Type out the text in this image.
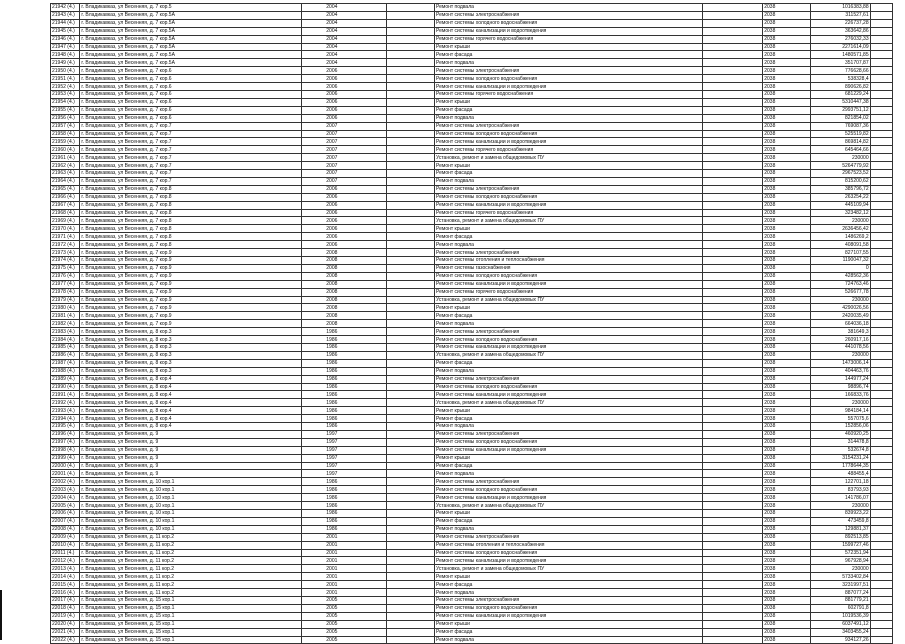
21942 (4.)	г. Владикавказ, ул Весенняя, д. 7 кор.5	2004		Ремонт подвала		2038	1016383,88	
21943 (4.)	г. Владикавказ, ул Весенняя, д. 7 кор.5А	2004		Ремонт системы электроснабжения		2038	311527,61	
21944 (4.)	г. Владикавказ, ул Весенняя, д. 7 кор.5А	2004		Ремонт системы холодного водоснабжения		2038	226737,28	
21945 (4.)	г. Владикавказ, ул Весенняя, д. 7 кор.5А	2004		Ремонт системы канализации и водоотведения		2038	363642,86	
21946 (4.)	г. Владикавказ, ул Весенняя, д. 7 кор.5А	2004		Ремонт системы горячего водоснабжения		2038	276032,33	
21947 (4.)	г. Владикавказ, ул Весенняя, д. 7 кор.5А	2004		Ремонт крыши		2038	2271614,09	
21948 (4.)	г. Владикавказ, ул Весенняя, д. 7 кор.5А	2004		Ремонт фасада		2038	1480571,85	
21949 (4.)	г. Владикавказ, ул Весенняя, д. 7 кор.5А	2004		Ремонт подвала		2038	351707,87	
21950 (4.)	г. Владикавказ, ул Весенняя, д. 7 кор.6	2006		Ремонт системы электроснабжения		2038	776628,66	
21951 (4.)	г. Владикавказ, ул Весенняя, д. 7 кор.6	2006		Ремонт системы холодного водоснабжения		2038	538328,4	
21952 (4.)	г. Владикавказ, ул Весенняя, д. 7 кор.6	2006		Ремонт системы канализации и водоотведения		2038	890626,82	
21953 (4.)	г. Владикавказ, ул Весенняя, д. 7 кор.6	2006		Ремонт системы горячего водоснабжения		2038	681229,24	
21954 (4.)	г. Владикавказ, ул Весенняя, д. 7 кор.6	2006		Ремонт крыши		2038	5310447,38	
21955 (4.)	г. Владикавказ, ул Весенняя, д. 7 кор.6	2006		Ремонт фасада		2038	2993751,12	
21956 (4.)	г. Владикавказ, ул Весенняя, д. 7 кор.6	2006		Ремонт подвала		2038	821854,02	
21957 (4.)	г. Владикавказ, ул Весенняя, д. 7 кор.7	2007		Ремонт системы электроснабжения		2038	769087,36	
21958 (4.)	г. Владикавказ, ул Весенняя, д. 7 кор.7	2007		Ремонт системы холодного водоснабжения		2038	525519,82	
21959 (4.)	г. Владикавказ, ул Весенняя, д. 7 кор.7	2007		Ремонт системы канализации и водоотведения		2038	869814,82	
21960 (4.)	г. Владикавказ, ул Весенняя, д. 7 кор.7	2007		Ремонт системы горячего водоснабжения		2038	645464,66	
21961 (4.)	г. Владикавказ, ул Весенняя, д. 7 кор.7	2007		Установка, ремонт и замена общедомовых ПУ		2038	230000	
21962 (4.)	г. Владикавказ, ул Весенняя, д. 7 кор.7	2007		Ремонт крыши		2038	5264779,92	
21963 (4.)	г. Владикавказ, ул Весенняя, д. 7 кор.7	2007		Ремонт фасада		2038	2967523,52	
21964 (4.)	г. Владикавказ, ул Весенняя, д. 7 кор.7	2007		Ремонт подвала		2038	815200,62	
21965 (4.)	г. Владикавказ, ул Весенняя, д. 7 кор.8	2006		Ремонт системы электроснабжения		2038	385796,72	
21966 (4.)	г. Владикавказ, ул Весенняя, д. 7 кор.8	2006		Ремонт системы холодного водоснабжения		2038	263254,22	
21967 (4.)	г. Владикавказ, ул Весенняя, д. 7 кор.8	2006		Ремонт системы канализации и водоотведения		2038	445109,94	
21968 (4.)	г. Владикавказ, ул Весенняя, д. 7 кор.8	2006		Ремонт системы горячего водоснабжения		2038	323482,12	
21969 (4.)	г. Владикавказ, ул Весенняя, д. 7 кор.8	2006		Установка, ремонт и замена общедомовых ПУ		2038	230000	
21970 (4.)	г. Владикавказ, ул Весенняя, д. 7 кор.8	2006		Ремонт крыши		2038	2636456,42	
21971 (4.)	г. Владикавказ, ул Весенняя, д. 7 кор.8	2006		Ремонт фасада		2038	1486269,2	
21972 (4.)	г. Владикавказ, ул Весенняя, д. 7 кор.8	2006		Ремонт подвала		2038	408091,58	
21973 (4.)	г. Владикавказ, ул Весенняя, д. 7 кор.9	2008		Ремонт системы электроснабжения		2038	827107,55	
21974 (4.)	г. Владикавказ, ул Весенняя, д. 7 кор.9	2008		Ремонт системы отопления и теплоснабжения		2038	1190047,32	
21975 (4.)	г. Владикавказ, ул Весенняя, д. 7 кор.9	2008		Ремонт системы газоснабжения		2038	0	
21976 (4.)	г. Владикавказ, ул Весенняя, д. 7 кор.9	2008		Ремонт системы холодного водоснабжения		2038	428562,36	
21977 (4.)	г. Владикавказ, ул Весенняя, д. 7 кор.9	2008		Ремонт системы канализации и водоотведения		2038	724763,46	
21978 (4.)	г. Владикавказ, ул Весенняя, д. 7 кор.9	2008		Ремонт системы горячего водоснабжения		2038	526677,78	
21979 (4.)	г. Владикавказ, ул Весенняя, д. 7 кор.9	2008		Установка, ремонт и замена общедомовых ПУ		2038	230000	
21980 (4.)	г. Владикавказ, ул Весенняя, д. 7 кор.9	2008		Ремонт крыши		2038	4290026,56	
21981 (4.)	г. Владикавказ, ул Весенняя, д. 7 кор.9	2008		Ремонт фасада		2038	2420035,49	
21982 (4.)	г. Владикавказ, ул Весенняя, д. 7 кор.9	2008		Ремонт подвала		2038	664036,18	
21983 (4.)	г. Владикавказ, ул Весенняя, д. 8 кор.3	1986		Ремонт системы электроснабжения		2038	381649,3	
21984 (4.)	г. Владикавказ, ул Весенняя, д. 8 кор.3	1986		Ремонт системы холодного водоснабжения		2038	260917,16	
21985 (4.)	г. Владикавказ, ул Весенняя, д. 8 кор.3	1986		Ремонт системы канализации и водоотведения		2038	441078,56	
21986 (4.)	г. Владикавказ, ул Весенняя, д. 8 кор.3	1986		Установка, ремонт и замена общедомовых ПУ		2038	230000	
21987 (4.)	г. Владикавказ, ул Весенняя, д. 8 кор.3	1986		Ремонт фасада		2038	1473006,14	
21988 (4.)	г. Владикавказ, ул Весенняя, д. 8 кор.3	1986		Ремонт подвала		2038	404463,76	
21989 (4.)	г. Владикавказ, ул Весенняя, д. 8 кор.4	1986		Ремонт системы электроснабжения		2038	144977,24	
21990 (4.)	г. Владикавказ, ул Весенняя, д. 8 кор.4	1986		Ремонт системы холодного водоснабжения		2038	98896,74	
21991 (4.)	г. Владикавказ, ул Весенняя, д. 8 кор.4	1986		Ремонт системы канализации и водоотведения		2038	166833,76	
21992 (4.)	г. Владикавказ, ул Весенняя, д. 8 кор.4	1986		Установка, ремонт и замена общедомовых ПУ		2038	230000	
21993 (4.)	г. Владикавказ, ул Весенняя, д. 8 кор.4	1986		Ремонт крыши		2038	984184,14	
21994 (4.)	г. Владикавказ, ул Весенняя, д. 8 кор.4	1986		Ремонт фасада		2038	557075,6	
21995 (4.)	г. Владикавказ, ул Весенняя, д. 8 кор.4	1986		Ремонт подвала		2038	152856,06	
21996 (4.)	г. Владикавказ, ул Весенняя, д. 9	1997		Ремонт системы электроснабжения		2038	460920,25	
21997 (4.)	г. Владикавказ, ул Весенняя, д. 9	1997		Ремонт системы холодного водоснабжения		2038	314478,8	
21998 (4.)	г. Владикавказ, ул Весенняя, д. 9	1997		Ремонт системы канализации и водоотведения		2038	532674,8	
21999 (4.)	г. Владикавказ, ул Весенняя, д. 9	1997		Ремонт крыши		2038	3154231,24	
22000 (4.)	г. Владикавказ, ул Весенняя, д. 9	1997		Ремонт фасада		2038	1778644,35	
22001 (4.)	г. Владикавказ, ул Весенняя, д. 9	1997		Ремонт подвала		2038	488455,4	
22002 (4.)	г. Владикавказ, ул Весенняя, д. 10 кор.1	1986		Ремонт системы электроснабжения		2038	122701,18	
22003 (4.)	г. Владикавказ, ул Весенняя, д. 10 кор.1	1986		Ремонт системы холодного водоснабжения		2038	83793,93	
22004 (4.)	г. Владикавказ, ул Весенняя, д. 10 кор.1	1986		Ремонт системы канализации и водоотведения		2038	141786,07	
22005 (4.)	г. Владикавказ, ул Весенняя, д. 10 кор.1	1986		Установка, ремонт и замена общедомовых ПУ		2038	230000	
22006 (4.)	г. Владикавказ, ул Весенняя, д. 10 кор.1	1986		Ремонт крыши		2038	839923,22	
22007 (4.)	г. Владикавказ, ул Весенняя, д. 10 кор.1	1986		Ремонт фасада		2038	473459,8	
22008 (4.)	г. Владикавказ, ул Весенняя, д. 10 кор.1	1986		Ремонт подвала		2038	129881,37	
22009 (4.)	г. Владикавказ, ул Весенняя, д. 11 кор.2	2001		Ремонт системы электроснабжения		2038	892513,85	
22010 (4.)	г. Владикавказ, ул Весенняя, д. 11 кор.2	2001		Ремонт системы отопления и теплоснабжения		2038	1599727,46	
22011 (4.)	г. Владикавказ, ул Весенняя, д. 11 кор.2	2001		Ремонт системы холодного водоснабжения		2038	572351,94	
22012 (4.)	г. Владикавказ, ул Весенняя, д. 11 кор.2	2001		Ремонт системы канализации и водоотведения		2038	967928,94	
22013 (4.)	г. Владикавказ, ул Весенняя, д. 11 кор.2	2001		Установка, ремонт и замена общедомовых ПУ		2038	230000	
22014 (4.)	г. Владикавказ, ул Весенняя, д. 11 кор.2	2001		Ремонт крыши		2038	5733402,84	
22015 (4.)	г. Владикавказ, ул Весенняя, д. 11 кор.2	2001		Ремонт фасада		2038	3231997,51	
22016 (4.)	г. Владикавказ, ул Весенняя, д. 11 кор.2	2001		Ремонт подвала		2038	887077,24	
22017 (4.)	г. Владикавказ, ул Весенняя, д. 15 кор.1	2005		Ремонт системы электроснабжения		2038	881779,21	
22018 (4.)	г. Владикавказ, ул Весенняя, д. 15 кор.1	2005		Ремонт системы холодного водоснабжения		2038	602791,8	
22019 (4.)	г. Владикавказ, ул Весенняя, д. 15 кор.1	2005		Ремонт системы канализации и водоотведения		2038	1019536,39	
22020 (4.)	г. Владикавказ, ул Весенняя, д. 15 кор.1	2005		Ремонт крыши		2038	6037491,12	
22021 (4.)	г. Владикавказ, ул Весенняя, д. 15 кор.1	2005		Ремонт фасада		2038	3403455,24	
22022 (4.)	г. Владикавказ, ул Весенняя, д. 15 кор.1	2005		Ремонт подвала		2038	934127,26	
